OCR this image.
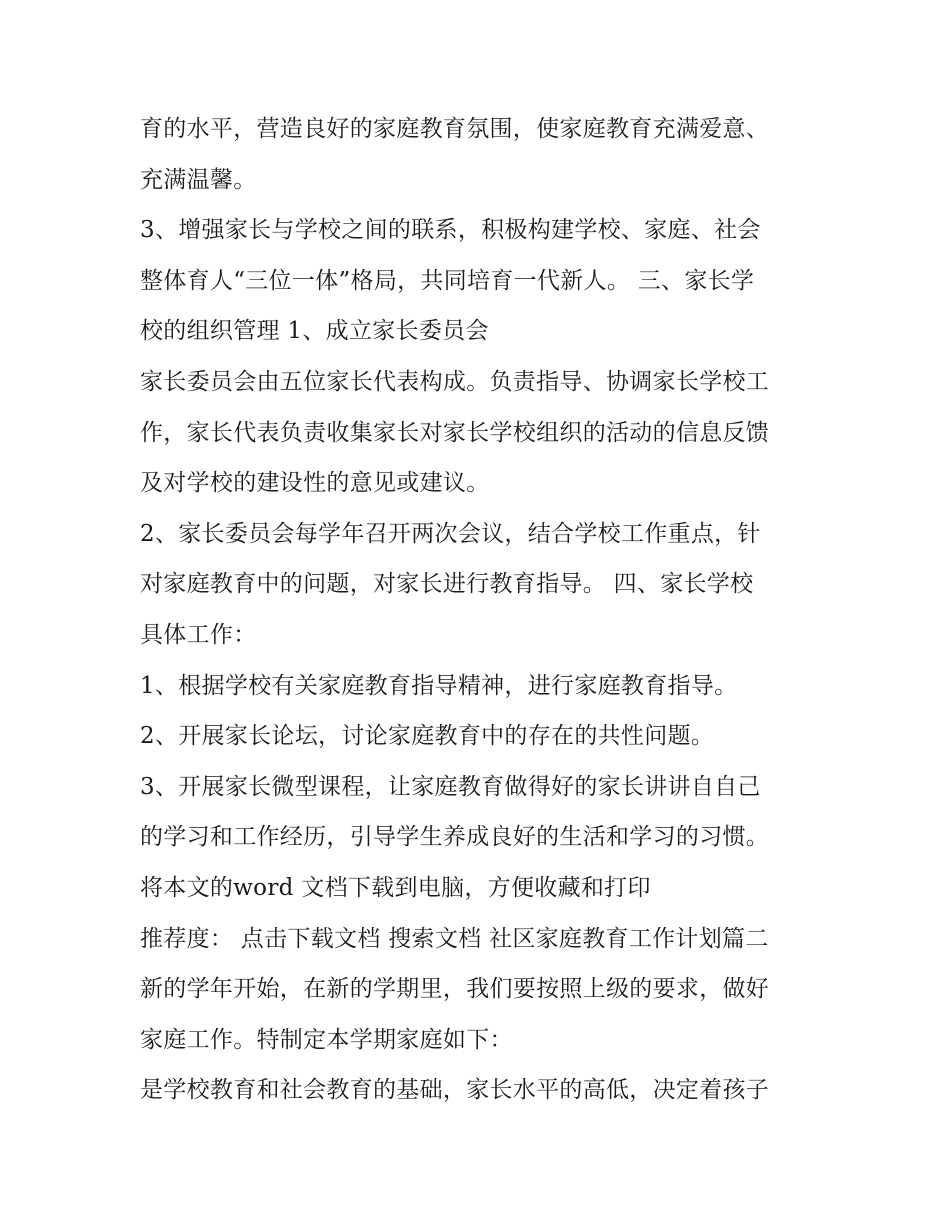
育的水平，营造良好的家庭教育氛围，使家庭教育充满爱意、
充满温馨。
3、增强家长与学校之间的联系，积极构建学校、家庭、社会
整体育人“三位一体”格局，共同培育一代新人。 三、家长学
校的组织管理 1、成立家长委员会
家长委员会由五位家长代表构成。负责指导、协调家长学校工
作，家长代表负责收集家长对家长学校组织的活动的信息反馈
及对学校的建设性的意见或建议。
2、家长委员会每学年召开两次会议，结合学校工作重点，针
对家庭教育中的问题，对家长进行教育指导。 四、家长学校
具体工作：
1、根据学校有关家庭教育指导精神，进行家庭教育指导。
2、开展家长论坛，讨论家庭教育中的存在的共性问题。
3、开展家长微型课程，让家庭教育做得好的家长讲讲自自己
的学习和工作经历，引导学生养成良好的生活和学习的习惯。
将本文的word 文档下载到电脑，方便收藏和打印
推荐度： 点击下载文档 搜索文档 社区家庭教育工作计划篇二
新的学年开始，在新的学期里，我们要按照上级的要求，做好
家庭工作。特制定本学期家庭如下：
是学校教育和社会教育的基础，家长水平的高低，决定着孩子
